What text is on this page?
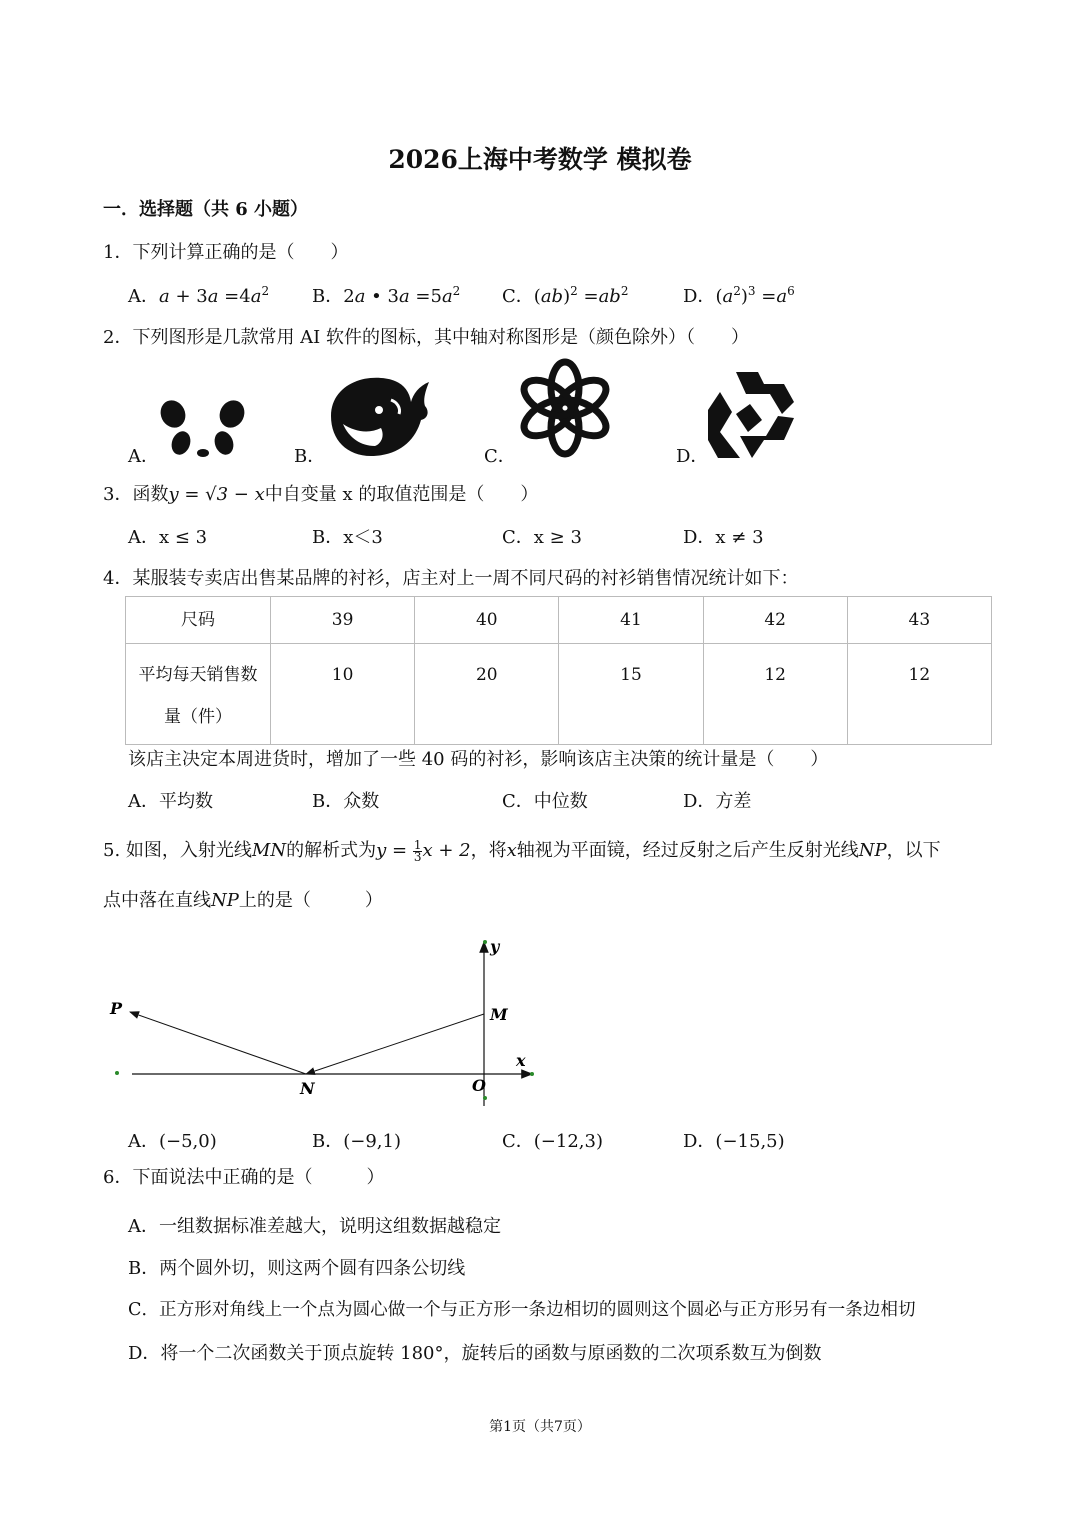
2026上海中考数学 模拟卷
一．选择题（共 6 小题）
1．下列计算正确的是（　　）
A．$a + 3a =4a^2$ B．2a • $3a =5a^2$ C．$(ab)^2 =ab^2$	D．$(a^2)^3 =a^6$
2．下列图形是几款常用 AI 软件的图标，其中轴对称图形是（颜色除外）（　　）
A．	B．	C．	D．
3．函数y = √3 − x中自变量 x 的取值范围是（　　）
A．x ≤ 3	B．x＜3	C．x ≥ 3	D．x ≠ 3
4．某服装专卖店出售某品牌的衬衫，店主对上一周不同尺码的衬衫销售情况统计如下：
尺码	39	40	41	42	43

平均每天销售数
量（件）	10	20	15	12	12
该店主决定本周进货时，增加了一些 40 码的衬衫，影响该店主决策的统计量是（　　）
A．平均数	B．众数	C．中位数	D．方差
5. 如图，入射光线MN的解析式为$y = \frac{1}{3}$ x + 2，将x轴视为平面镜，经过反射之后产生反射光线NP，以下
点中落在直线NP上的是（　　　）
P	M
N	O
x
y
A．(−5,0)	B．(−9,1)	C．(−12,3)	D．(−15,5)
6．下面说法中正确的是（　　　）
A．一组数据标准差越大，说明这组数据越稳定
B．两个圆外切，则这两个圆有四条公切线
C．正方形对角线上一个点为圆心做一个与正方形一条边相切的圆则这个圆必与正方形另有一条边相切
D．将一个二次函数关于顶点旋转 180°，旋转后的函数与原函数的二次项系数互为倒数
第1页（共7页）
